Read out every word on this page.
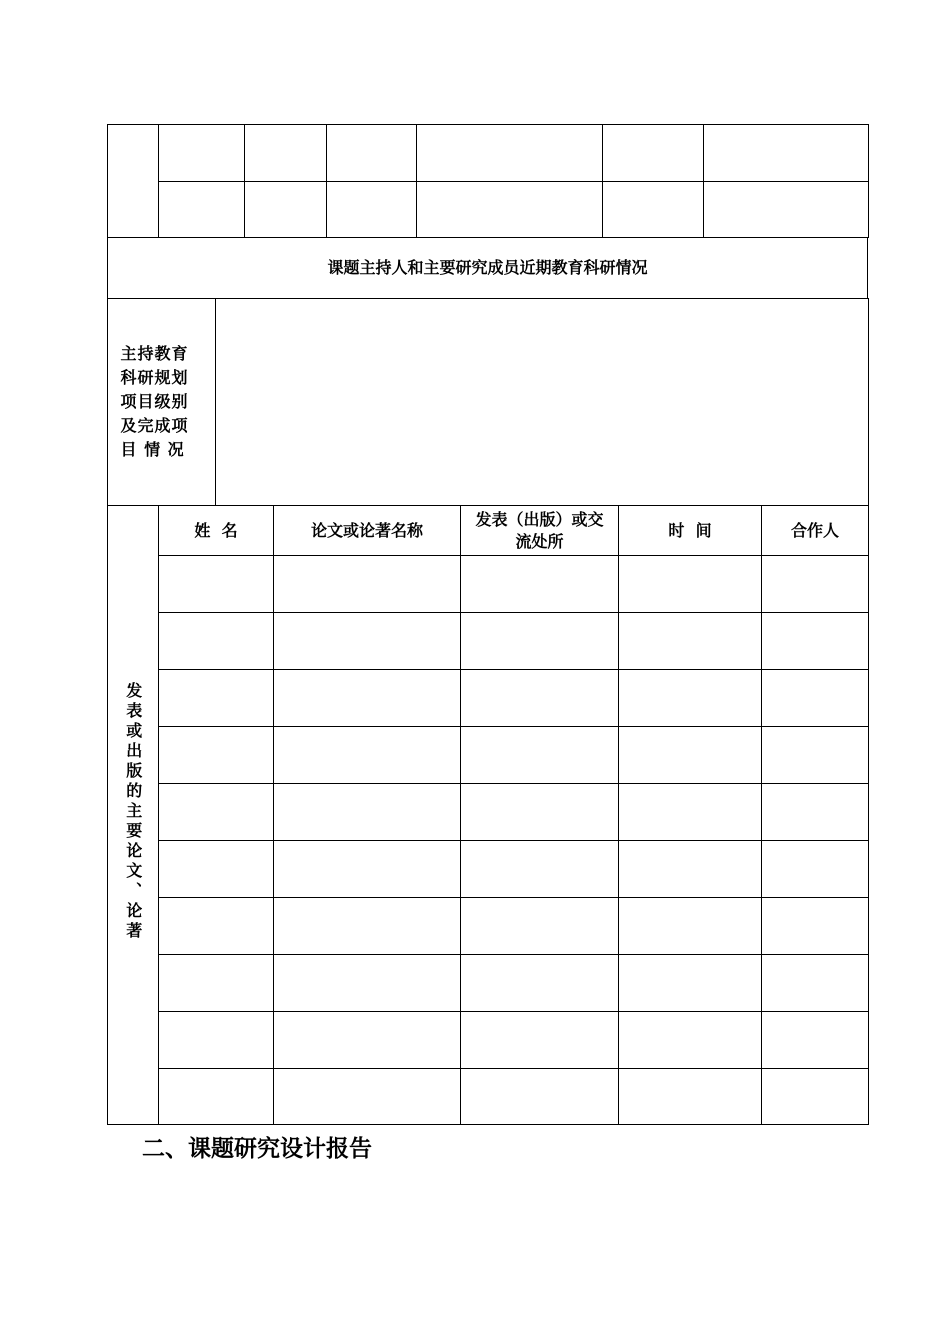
课题主持人和主要研究成员近期教育科研情况
主持教育科研规划项目级别及完成项目 情 况	
发表或出版的主要论文、论著	姓  名	论文或论著名称	发表（出版）或交流处所	时  间	合作人

二、课题研究设计报告
